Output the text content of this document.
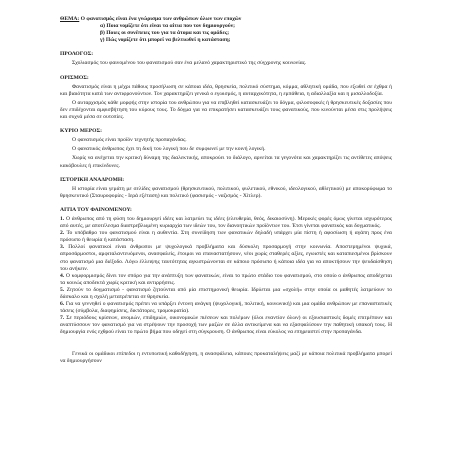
ΘΕΜΑ: Ο φανατισμός είναι ένα γνώρισμα των ανθρώπων όλων των εποχών
α) Ποια νομίζετε ότι είναι τα αίτια που τον δημιουργούν;
β) Ποιες οι συνέπειες του για τα άτομα και τις ομάδες;
γ) Πώς νομίζετε ότι μπορεί να βελτιωθεί η κατάσταση;
ΠΡΟΛΟΓΟΣ:

Σχολιασμός του φαινομένου του φανατισμού σαν ένα μελανό χαρακτηριστικό της σύγχρονης κοινωνίας.

ΟΡΙΣΜΟΣ:

Φανατισμός είναι η μέχρι πάθους προσήλωση σε κάποια ιδέα, θρησκεία, πολιτικό σύστημα, κόμμα, αθλητική ομάδα, που εξωθεί σε έχθρα ή και βιαιότητα κατά των αντιφρονούντων. Τον χαρακτηρίζει γενικά ο εγωισμός, η αυταρχικότητα, η εμπάθεια, η αδιαλλαξία και η μισαλλοδοξία.

Ο αυταρχισμός κάθε μορφής στην ιστορία του ανθρώπου για να επιβληθεί κατασκευάζει το δόγμα, φιλοσοφικές ή θρησκευτικές δοξασίες που δεν επιδέχονται αμφισβήτηση του κύρους τους. Το δόγμα για να επικρατήσει κατασκευάζει τους φανατικούς, που κινούνται μέσα στις προλήψεις και συχνά μέσα σε ουτοπίες.

ΚΥΡΙΟ ΜΕΡΟΣ:

Ο φανατισμός είναι προϊόν τεχνητής προπαγάνδας.

Ο φανατικός άνθρωπος έχει τη δική του λογική που δε συμφωνεί με την κοινή λογική.

Χωρίς να ανέχεται την κριτική δύναμη της διαλεκτικής, αποκρούει το διάλογο, αρνείται τα γεγονότα και χαρακτηρίζει τις αντίθετες απόψεις κακόβουλες ή επικίνδυνες.

ΙΣΤΟΡΙΚΗ ΑΝΑΔΡΟΜΗ:

Η ιστορία είναι γεμάτη με σελίδες φανατισμού (θρησκευτικού, πολιτικού, φυλετικού, εθνικού, ιδεολογικού, αθλητικού) με αποκορύφωμα το θρησκευτικό (Σταυροφορίες - Ιερά εξέταση) και πολιτικό (φασισμός - ναζισμός - Χίτλερ).

ΑΙΤΙΑ ΤΟΥ ΦΑΙΝΟΜΕΝΟΥ:

1. Ο άνθρωπος από τη φύση του δημιουργεί ιδέες και λατρεύει τις ιδέες (ελευθερία, θεός, δικαιοσύνη). Μερικές φορές όμως γίνεται ισχυρότερος από αυτές, με αποτέλεσμα διαστρεβλωμένη κυριαρχία των ιδεών του, τον διανοητικών προϊόντων του. Έτσι γίνεται φανατικός και δογματικός.

2. Το υπόβαθρο του φανατισμού είναι η αυθεντία. Στη συνείδηση των φανατικών δηλαδή υπάρχει μία πίστη ή αφοσίωση ή αγάπη προς ένα πρόσωπο ή θεωρία ή κατάσταση.

3. Πολλοί φανατικοί είναι άνθρωποι με ψυχολογικά προβλήματα και δύσκολη προσαρμογή στην κοινωνία. Αποστερημένοι ψυχικά, απροσάρμοστοι, αμφιταλαντευόμενοι, ανασφαλείς, έτοιμοι να επαναστατήσουν, νέοι χωρίς σταθερές αξίες, εγωιστές και καταπιεσμένοι βρίσκουν στο φανατισμό μια διέξοδο. Λόγω έλλειψης ταυτότητας αγκιστρώνονται σε κάποιο πρόσωπο ή κάποια ιδέα για να αποκτήσουν την ψευδαίσθηση του ανήκειν.

4. Ο κομφορμισμός δίνει τον σπόρο για την ανάπτυξη των φανατικών, είναι το πρώτο στάδιο του φανατισμού, στο οποίο ο άνθρωπος αποδέχεται τα κοινώς αποδεκτά χωρίς κριτική και αντιρρήσεις.

5. Ζητούν το δογματισμό - φανατισμό ζητούνται από μία επιστημονική θεωρία. Ιδρύεται μια «σχολή» στην οποία οι μαθητές λατρεύουν το δάσκαλο και η σχολή μετατρέπεται σε θρησκεία.

6. Για να γεννηθεί ο φανατισμός πρέπει να υπάρξει έντονη ανάγκη (ψυχολογική, πολιτική, κοινωνική) και μια ομάδα ανθρώπων με επαναστατικές τάσεις (σύμβολα, διαφημίσεις, δικτάτορες, τρομοκρατία).

7. Σε περιόδους κρίσεων, ανομιών, επιδημιών, οικονομικών πιέσεων και πολέμων (όλοι εναντίον όλων) οι εξουσιαστικές δομές επιτρέπουν και αναπτύσσουν τον φανατισμό για να στρέψουν την προσοχή των μαζών σε άλλα αντικείμενα και να εξασφαλίσουν την παθητική υπακοή τους. Η δημιουργία ενός εχθρού είναι το πρώτο βήμα που οδηγεί στη σύγκρουση. Ο άνθρωπος είναι εύκολος να επηρεαστεί στην προπαγάνδα.

Γενικά οι ομάδικοι επίπεδοι η εντυπωτική καθοδήγηση, η ανασφάλεια, κάποιες προκαταλήψεις μαζί με κάποια πολιτικά προβλήματα μπορεί να δημιουργήσουν
